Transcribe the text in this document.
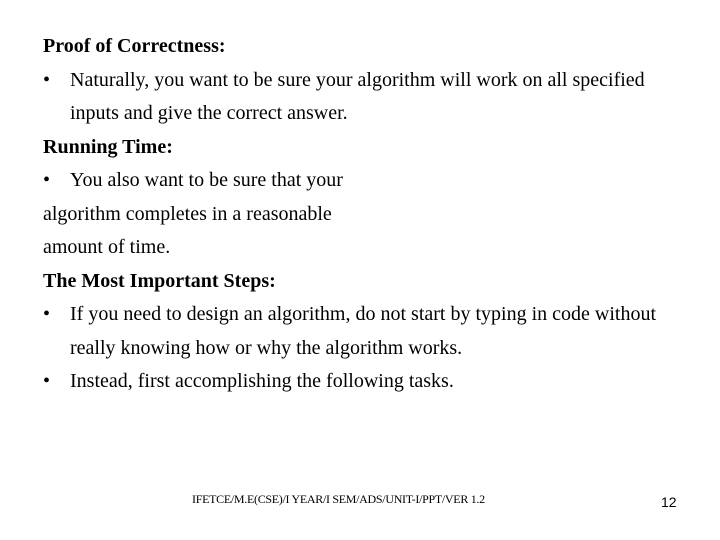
Proof of Correctness:
• Naturally, you want to be sure your algorithm will work on all specified inputs and give the correct answer.
Running Time:
• You also want to be sure that your
algorithm completes in a reasonable
amount of time.
The Most Important Steps:
• If you need to design an algorithm, do not start by typing in code without really knowing how or why the algorithm works.
• Instead, first accomplishing the following tasks.
IFETCE/M.E(CSE)/I YEAR/I SEM/ADS/UNIT-I/PPT/VER 1.2	12
